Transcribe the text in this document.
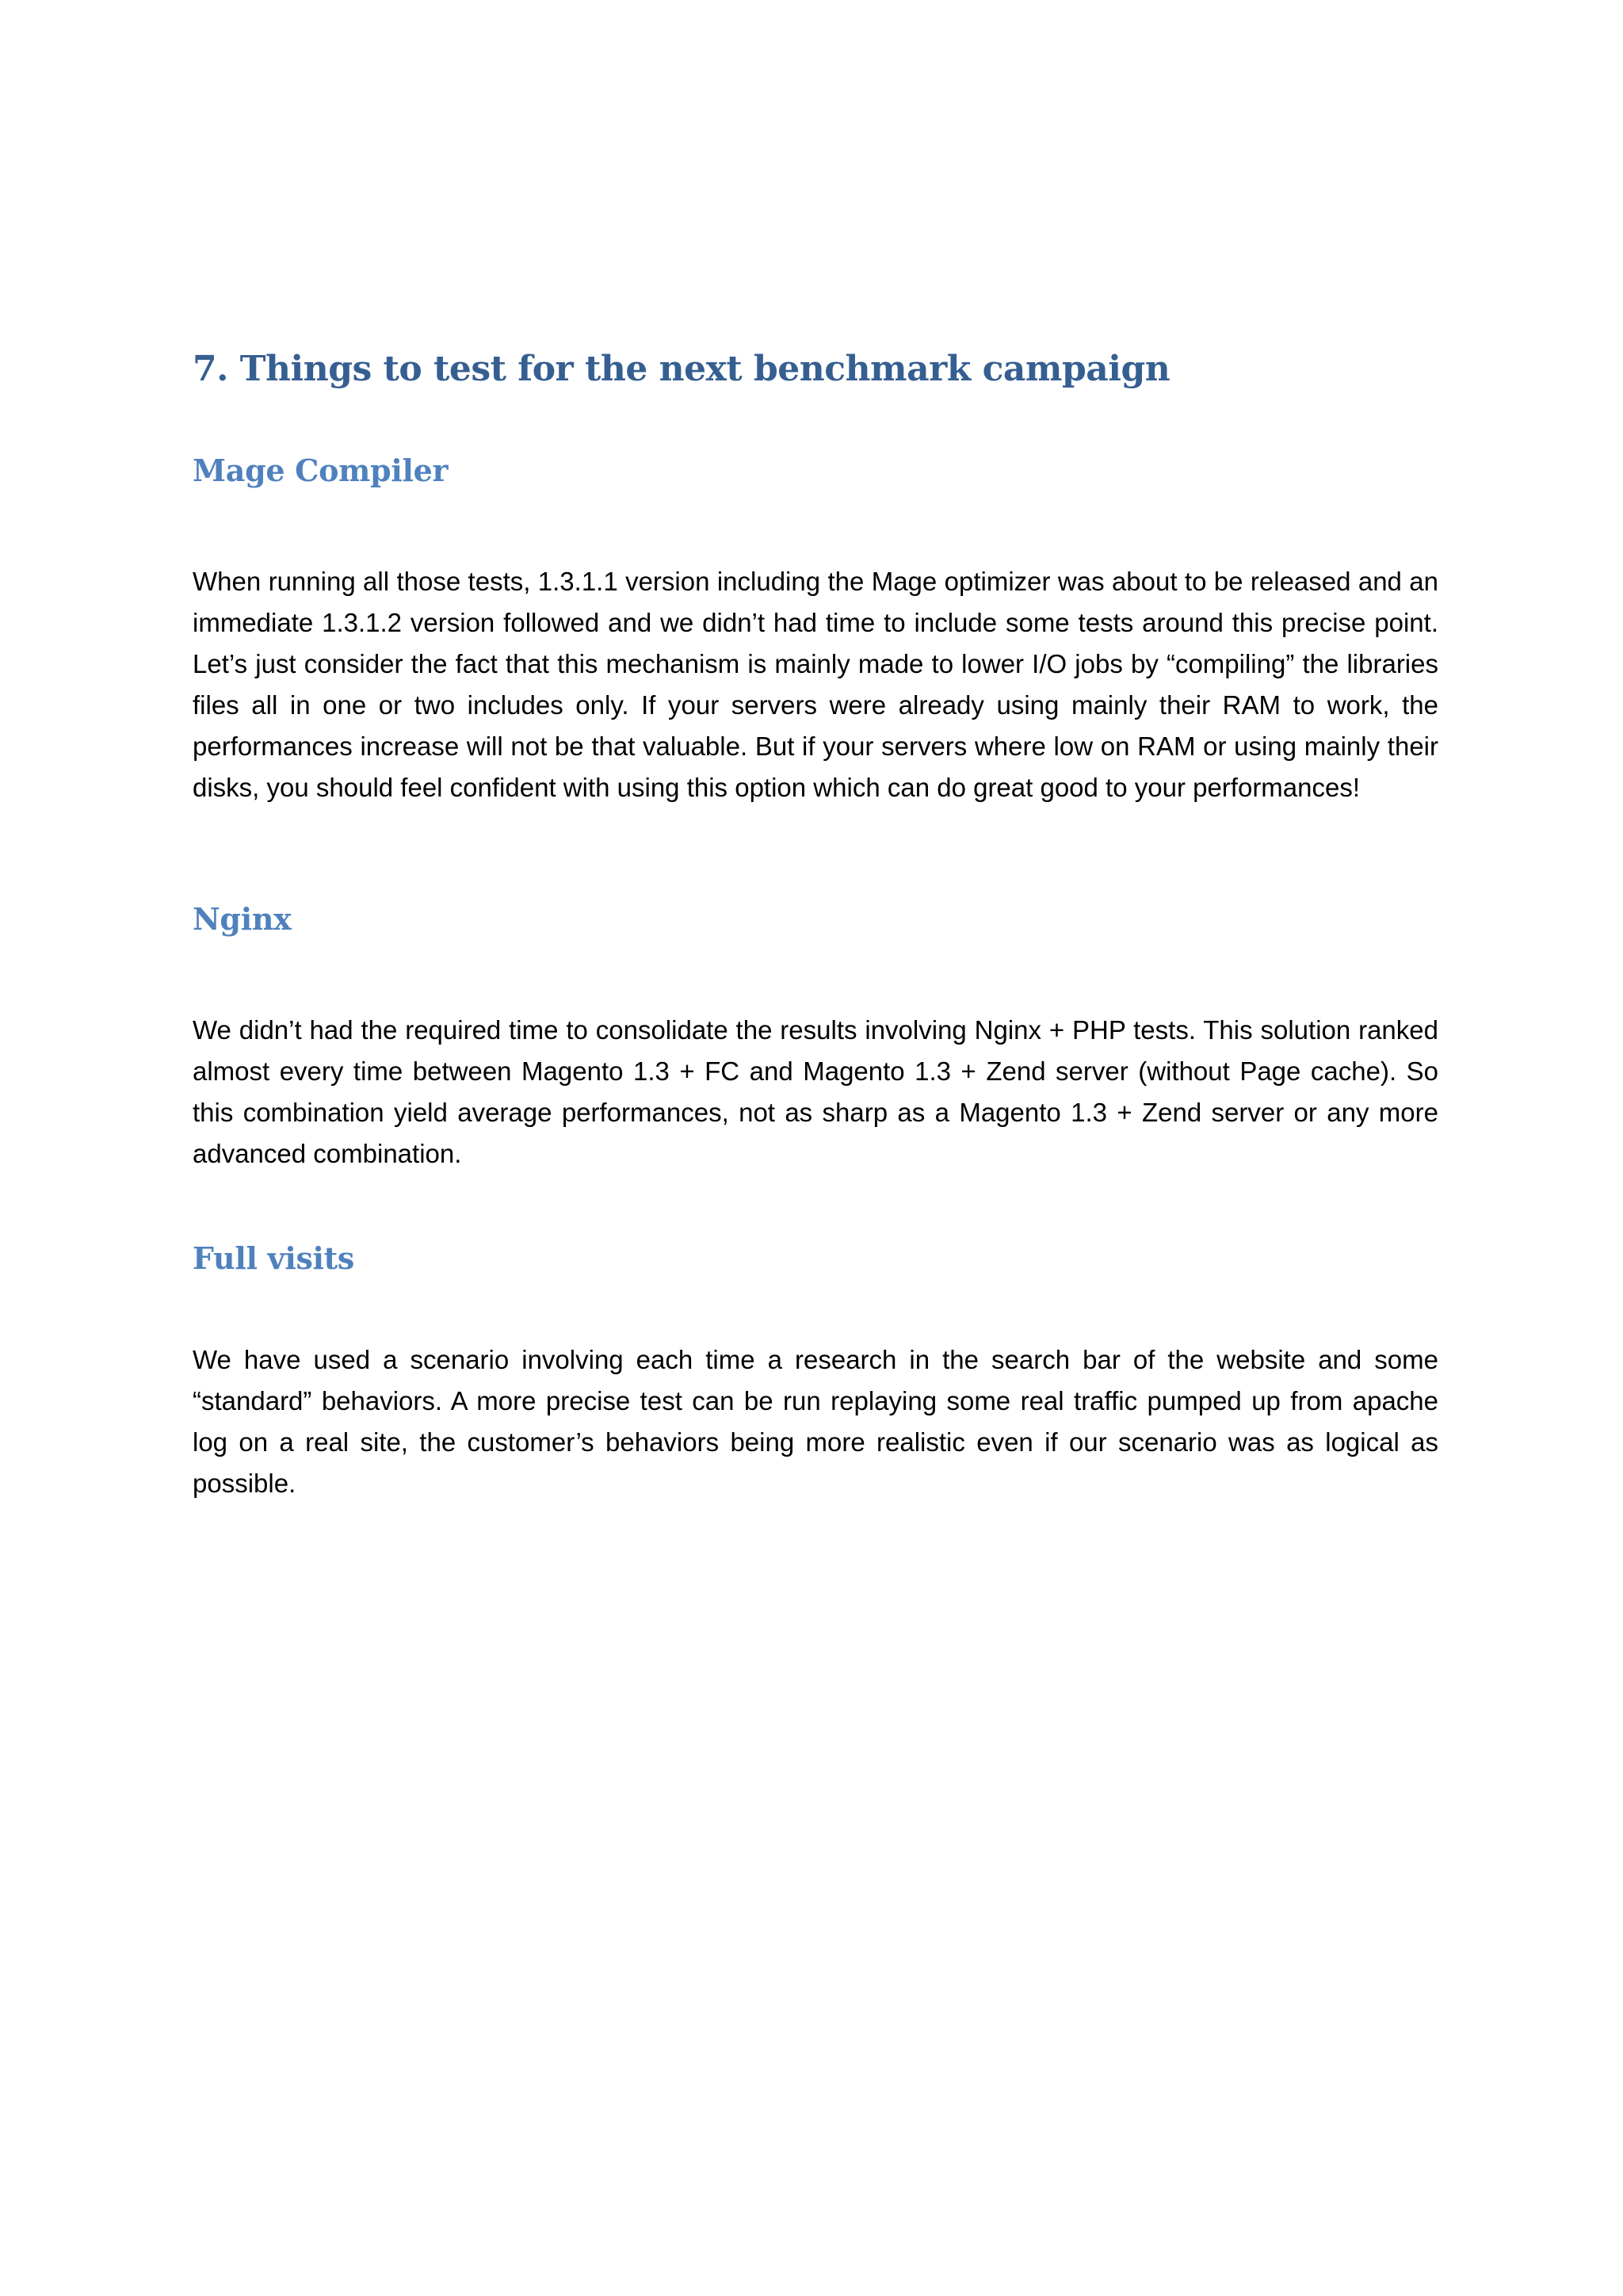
7. Things to test for the next benchmark campaign
Mage Compiler

When running all those tests, 1.3.1.1 version including the Mage optimizer was about to be released and an immediate 1.3.1.2 version followed and we didn’t had time to include some tests around this precise point. Let’s just consider the fact that this mechanism is mainly made to lower I/O jobs by “compiling” the libraries files all in one or two includes only. If your servers were already using mainly their RAM to work, the performances increase will not be that valuable. But if your servers where low on RAM or using mainly their disks, you should feel confident with using this option which can do great good to your performances!

Nginx

We didn’t had the required time to consolidate the results involving Nginx + PHP tests. This solution ranked almost every time between Magento 1.3 + FC and Magento 1.3 + Zend server (without Page cache). So this combination yield average performances, not as sharp as a Magento 1.3 + Zend server or any more advanced combination.

Full visits

We have used a scenario involving each time a research in the search bar of the website and some “standard” behaviors. A more precise test can be run replaying some real traffic pumped up from apache log on a real site, the customer’s behaviors being more realistic even if our scenario was as logical as possible.
